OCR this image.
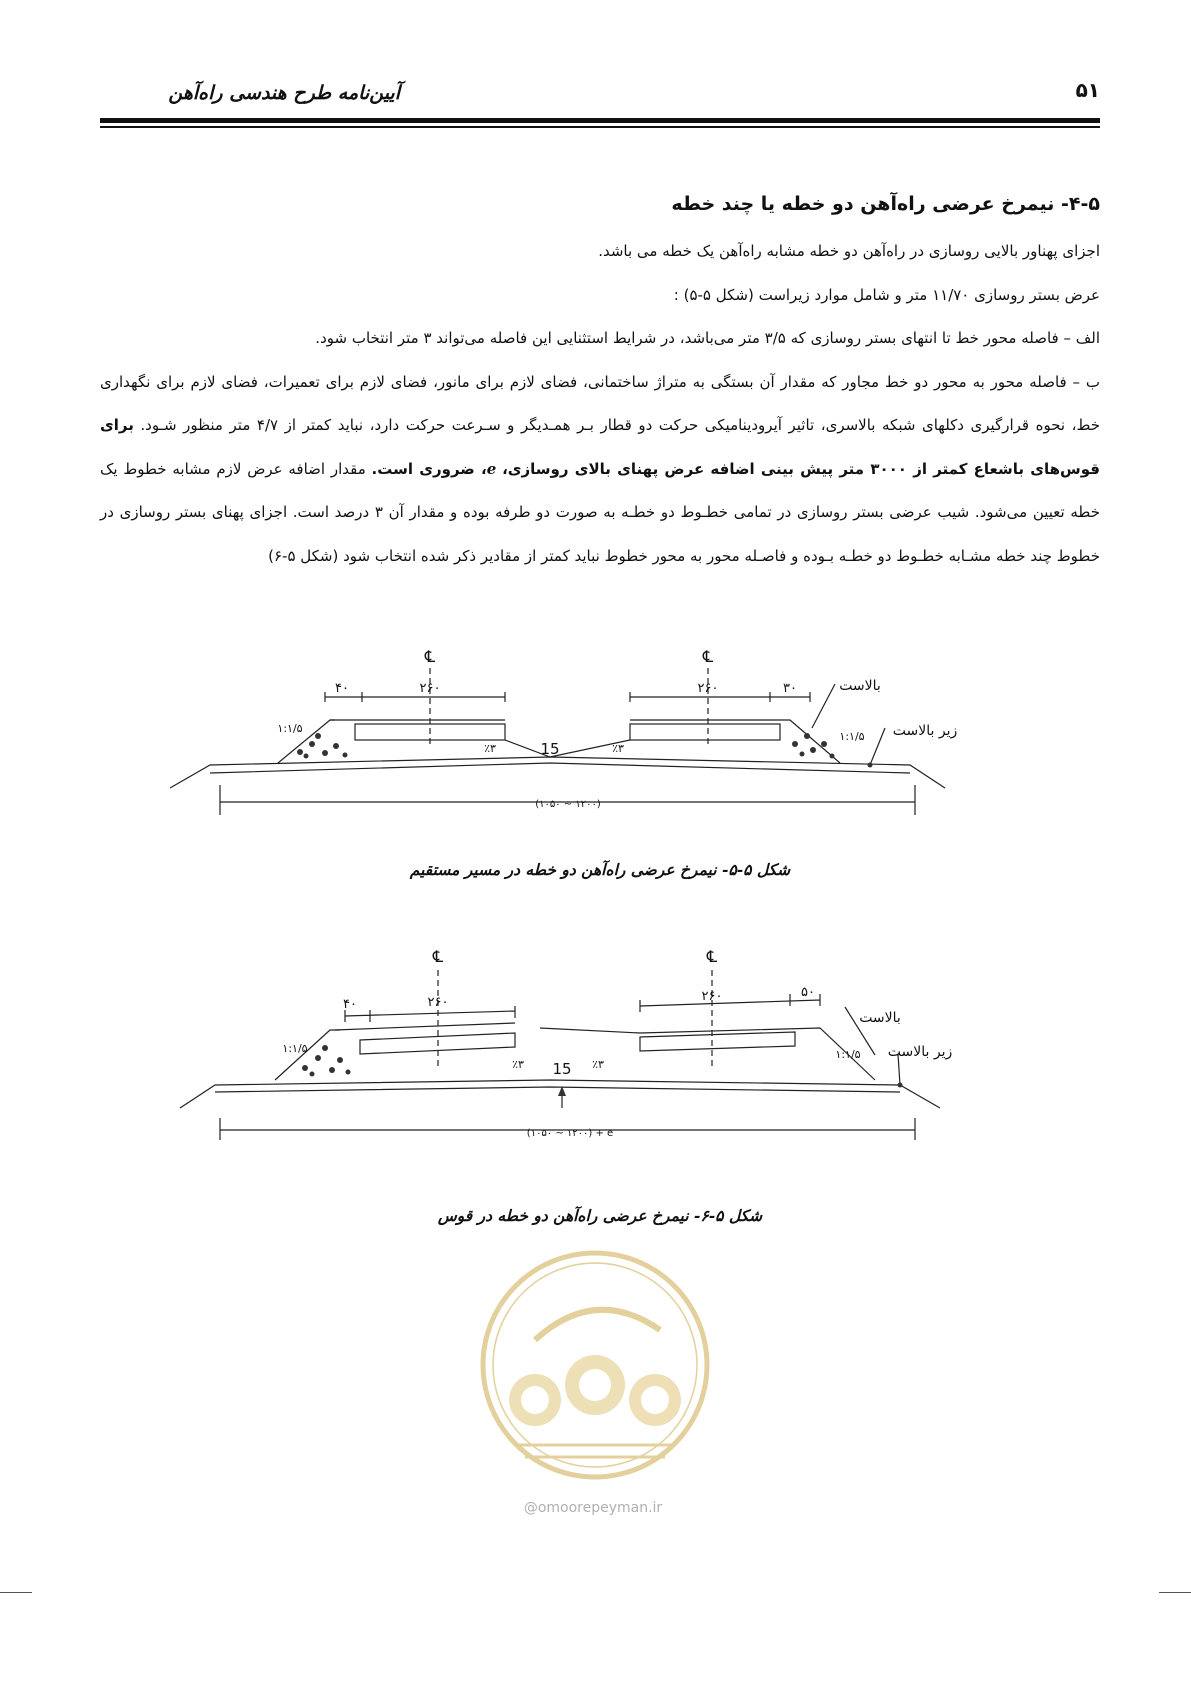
آیین‌نامه طرح هندسی راه‌آهن	۵۱

۴-۵- نیمرخ عرضی راه‌آهن دو خطه یا چند خطه

اجزای پهناور بالایی روسازی در راه‌آهن دو خطه مشابه راه‌آهن یک خطه می باشد.

عرض بستر روسازی ۱۱/۷۰ متر و شامل موارد زیراست (شکل ۵-۵) :

الف – فاصله محور خط تا انتهای بستر روسازی که ۳/۵ متر می‌باشد، در شرایط استثنایی این فاصله می‌تواند ۳ متر انتخاب شود.

ب – فاصله محور به محور دو خط مجاور که مقدار آن بستگی به متراژ ساختمانی، فضای لازم برای مانور، فضای لازم برای تعمیرات، فضای لازم برای نگهداری خط، نحوه قرارگیری دکلهای شبکه بالاسری، تاثیر آیرودینامیکی حرکت دو قطار بـر همـدیگر و سـرعت حرکت دارد، نباید کمتر از ۴/۷ متر منظور شـود. برای قوس‌های باشعاع کمتر از ۳۰۰۰ متر پیش بینی اضافه عرض پهنای بالای روسازی، e، ضروری است. مقدار اضافه عرض لازم مشابه خطوط یک خطه تعیین می‌شود. شیب عرضی بستر روسازی در تمامی خطـوط دو خطـه به صورت دو طرفه بوده و مقدار آن ۳ درصد است. اجزای پهنای بستر روسازی در خطوط چند خطه مشـابه خطـوط دو خطـه بـوده و فاصـله محور به محور خطوط نباید کمتر از مقادیر ذکر شده انتخاب شود (شکل ۵-۶)

℄	℄
۴۰	۲۶۰	۲۶۰	۳۰
۱:۱/۵
۱:۱/۵
٪۳	٪۳
15
(۱۰۵۰ ~ ۱۲۰۰)
بالاست
زیر بالاست
شکل ۵-۵- نیمرخ عرضی راه‌آهن دو خطه در مسیر مستقیم
℄	℄
۴۰	۲۶۰	۲۶۰	۵۰
۱:۱/۵	۱:۱/۵
٪۳	٪۳
15
(۱۰۵۰ ~ ۱۲۰۰) + e
بالاست
زیر بالاست
شکل ۵-۶- نیمرخ عرضی راه‌آهن دو خطه در قوس
@omoorepeyman.ir
